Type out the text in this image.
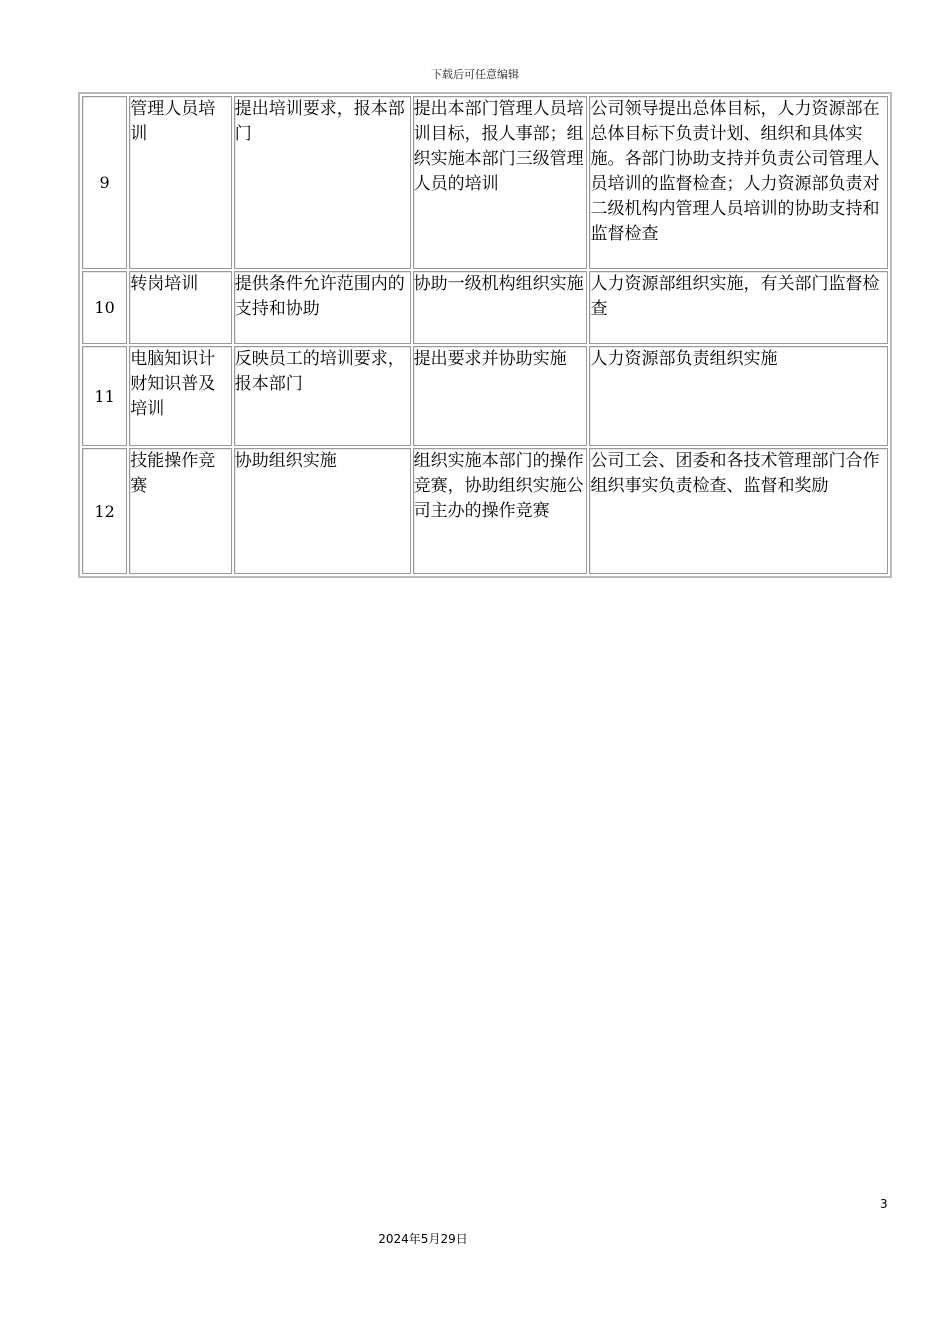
下载后可任意编辑
9	管理人员培训	提出培训要求，报本部门	提出本部门管理人员培训目标，报人事部；组织实施本部门三级管理人员的培训	公司领导提出总体目标，人力资源部在总体目标下负责计划、组织和具体实施。各部门协助支持并负责公司管理人员培训的监督检查；人力资源部负责对二级机构内管理人员培训的协助支持和监督检查
10	转岗培训	提供条件允许范围内的支持和协助	协助一级机构组织实施	人力资源部组织实施，有关部门监督检查
11	电脑知识计财知识普及培训	反映员工的培训要求，报本部门	提出要求并协助实施	人力资源部负责组织实施
12	技能操作竞赛	协助组织实施	组织实施本部门的操作竞赛，协助组织实施公司主办的操作竞赛	公司工会、团委和各技术管理部门合作组织事实负责检查、监督和奖励
3
2024年5月29日
